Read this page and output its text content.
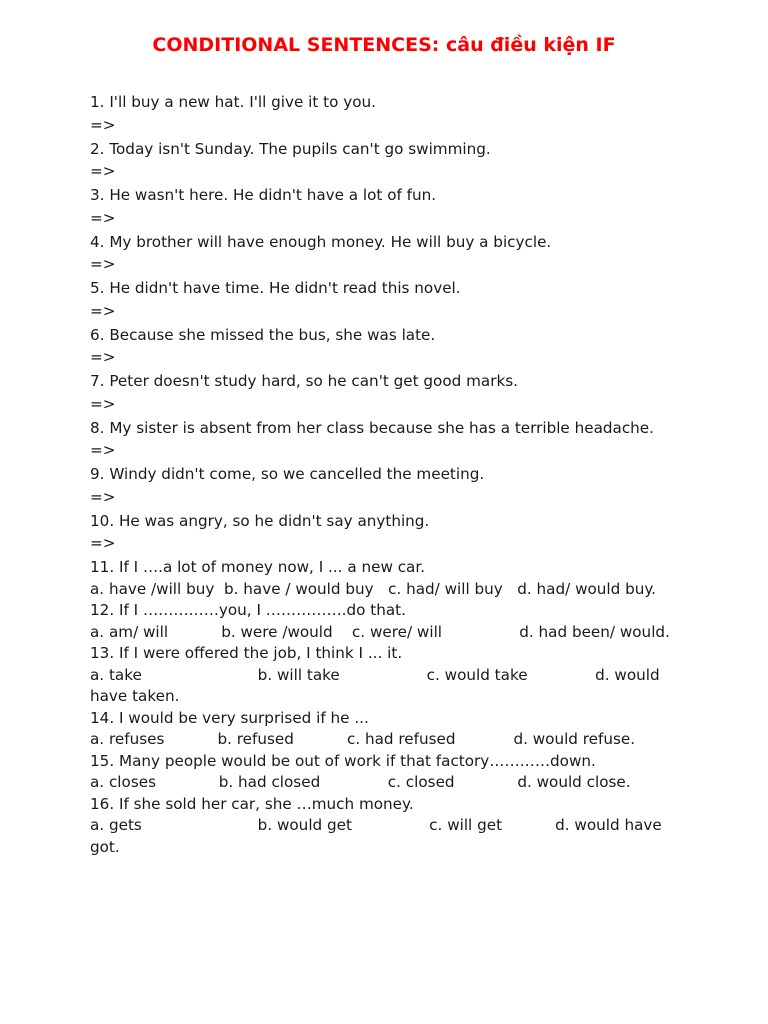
CONDITIONAL SENTENCES: câu điều kiện IF

1. I'll buy a new hat. I'll give it to you.

=>

2. Today isn't Sunday. The pupils can't go swimming.

=>

3. He wasn't here. He didn't have a lot of fun.

=>

4. My brother will have enough money. He will buy a bicycle.

=>

5. He didn't have time. He didn't read this novel.

=>

6. Because she missed the bus, she was late.

=>

7. Peter doesn't study hard, so he can't get good marks.

=>

8. My sister is absent from her class because she has a terrible headache.

=>

9. Windy didn't come, so we cancelled the meeting.

=>

10. He was angry, so he didn't say anything.

=>

11. If I ….a lot of money now, I ... a new car.

a. have /will buy  b. have / would buy   c. had/ will buy   d. had/ would buy.

12. If I ……………you, I …………….do that.

a. am/ will           b. were /would    c. were/ will                d. had been/ would.

13. If I were offered the job, I think I ... it.

a. take                        b. will take                  c. would take              d. would have taken.

14. I would be very surprised if he ...

a. refuses           b. refused           c. had refused            d. would refuse.

15. Many people would be out of work if that factory…………down.

a. closes             b. had closed              c. closed             d. would close.

16. If she sold her car, she …much money.

a. gets                        b. would get                c. will get           d. would have got.
